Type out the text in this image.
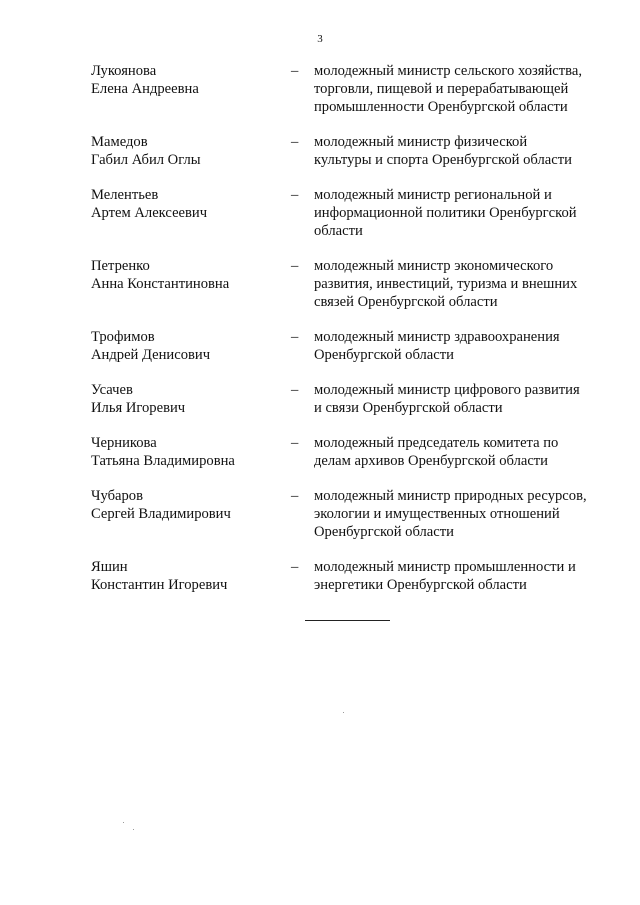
3
Лукоянова
Елена Андреевна
–	молодежный министр сельского хозяйства,
торговли, пищевой и перерабатывающей
промышленности Оренбургской области
Мамедов
Габил Абил Оглы
–	молодежный министр физической
культуры и спорта Оренбургской области
Мелентьев
Артем Алексеевич
–	молодежный министр региональной и
информационной политики Оренбургской
области
Петренко
Анна Константиновна
–	молодежный министр экономического
развития, инвестиций, туризма и внешних
связей Оренбургской области
Трофимов
Андрей Денисович
–	молодежный министр здравоохранения
Оренбургской области
Усачев
Илья Игоревич
–	молодежный министр цифрового развития
и связи Оренбургской области
Черникова
Татьяна Владимировна
–	молодежный председатель комитета по
делам архивов Оренбургской области
Чубаров
Сергей Владимирович
–	молодежный министр природных ресурсов,
экологии и имущественных отношений
Оренбургской области
Яшин
Константин Игоревич
–	молодежный министр промышленности и
энергетики Оренбургской области
